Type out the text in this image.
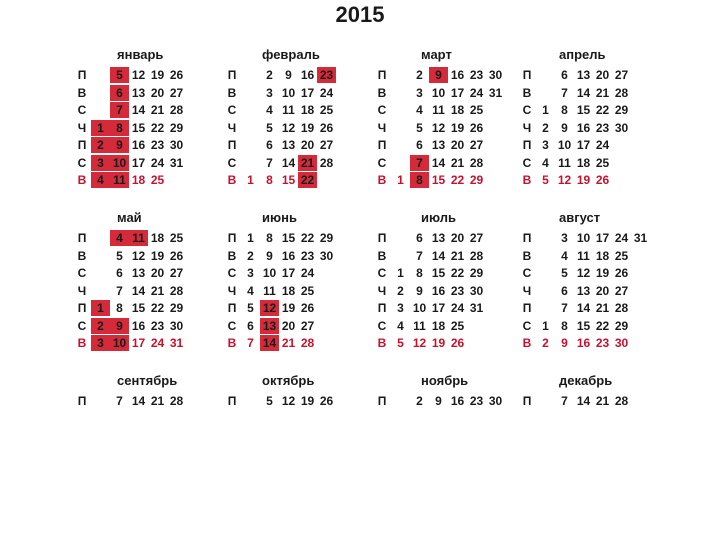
2015
январь
П	5 12 19 26
В	6 13 20 27
С	7 14 21 28
Ч 1	8 15 22 29
П 2	9 16 23 30
С 3 10 17 24 31
В 4 11 18 25
февраль
П	2	9 16 23
В	3 10 17 24
С	4 11 18 25
Ч	5 12 19 26
П	6 13 20 27
С	7 14 21 28
В 1	8 15 22
март
П	2	9 16 23 30
В	3 10 17 24 31
С	4 11 18 25
Ч	5 12 19 26
П	6 13 20 27
С	7 14 21 28
В 1	8 15 22 29
апрель
П	6 13 20 27
В	7 14 21 28
С 1	8 15 22 29
Ч 2	9 16 23 30
П 3 10 17 24
С 4 11 18 25
В 5 12 19 26
май
П	4 11 18 25
В	5 12 19 26
С	6 13 20 27
Ч	7 14 21 28
П 1	8 15 22 29
С 2	9 16 23 30
В 3 10 17 24 31
июнь
П 1	8 15 22 29
В 2	9 16 23 30
С 3 10 17 24
Ч 4 11 18 25
П 5 12 19 26
С 6 13 20 27
В 7 14 21 28
июль
П	6 13 20 27
В	7 14 21 28
С 1	8 15 22 29
Ч 2	9 16 23 30
П 3 10 17 24 31
С 4 11 18 25
В 5 12 19 26
август
П	3 10 17 24 31
В	4 11 18 25
С	5 12 19 26
Ч	6 13 20 27
П	7 14 21 28
С 1	8 15 22 29
В 2	9 16 23 30
сентябрь
П	7 14 21 28
октябрь
П	5 12 19 26
ноябрь
П	2	9 16 23 30
декабрь
П	7 14 21 28
